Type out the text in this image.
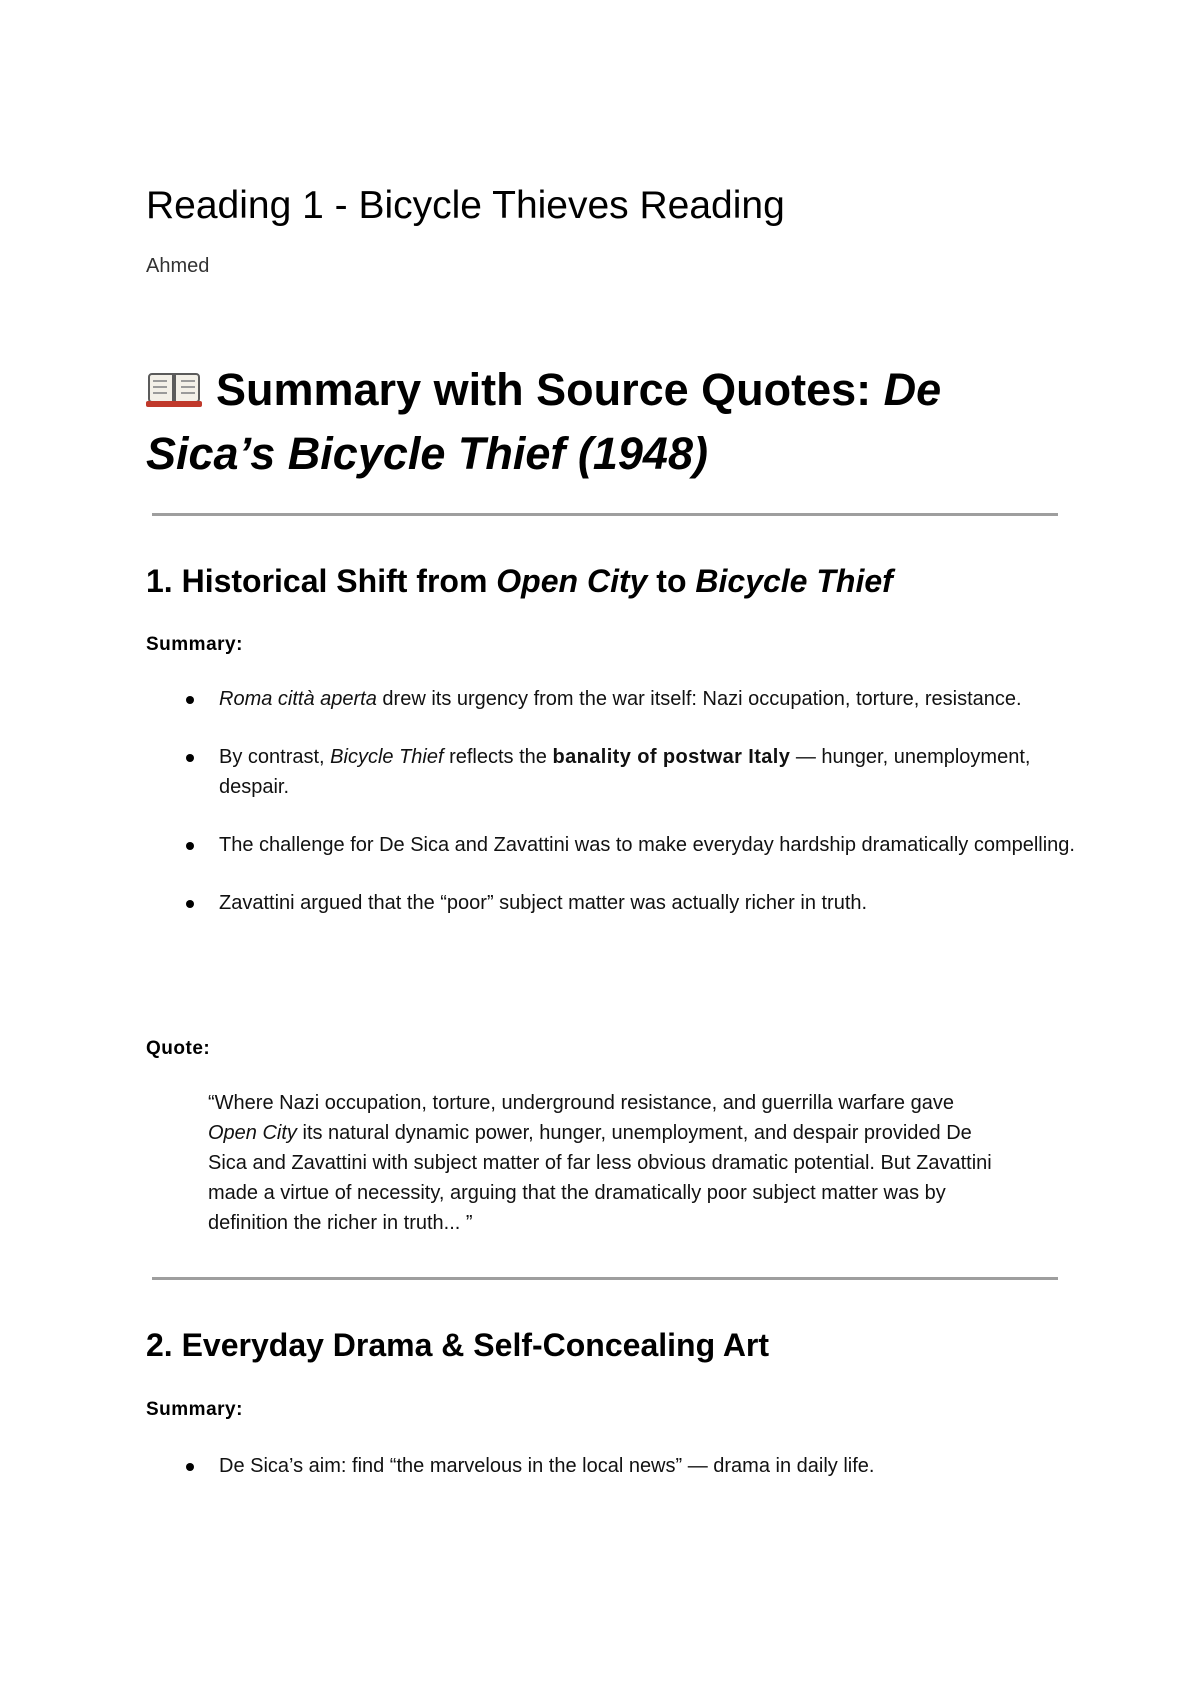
Reading 1 - Bicycle Thieves Reading
Ahmed
Summary with Source Quotes: De Sica’s Bicycle Thief (1948)
1. Historical Shift from Open City to Bicycle Thief
Summary:
Roma città aperta drew its urgency from the war itself: Nazi occupation, torture, resistance.
By contrast, Bicycle Thief reflects the banality of postwar Italy — hunger, unemployment, despair.
The challenge for De Sica and Zavattini was to make everyday hardship dramatically compelling.
Zavattini argued that the “poor” subject matter was actually richer in truth.
Quote:
“Where Nazi occupation, torture, underground resistance, and guerrilla warfare gave Open City its natural dynamic power, hunger, unemployment, and despair provided De Sica and Zavattini with subject matter of far less obvious dramatic potential. But Zavattini made a virtue of necessity, arguing that the dramatically poor subject matter was by definition the richer in truth... ”
2. Everyday Drama & Self-Concealing Art
Summary:
De Sica’s aim: find “the marvelous in the local news” — drama in daily life.
